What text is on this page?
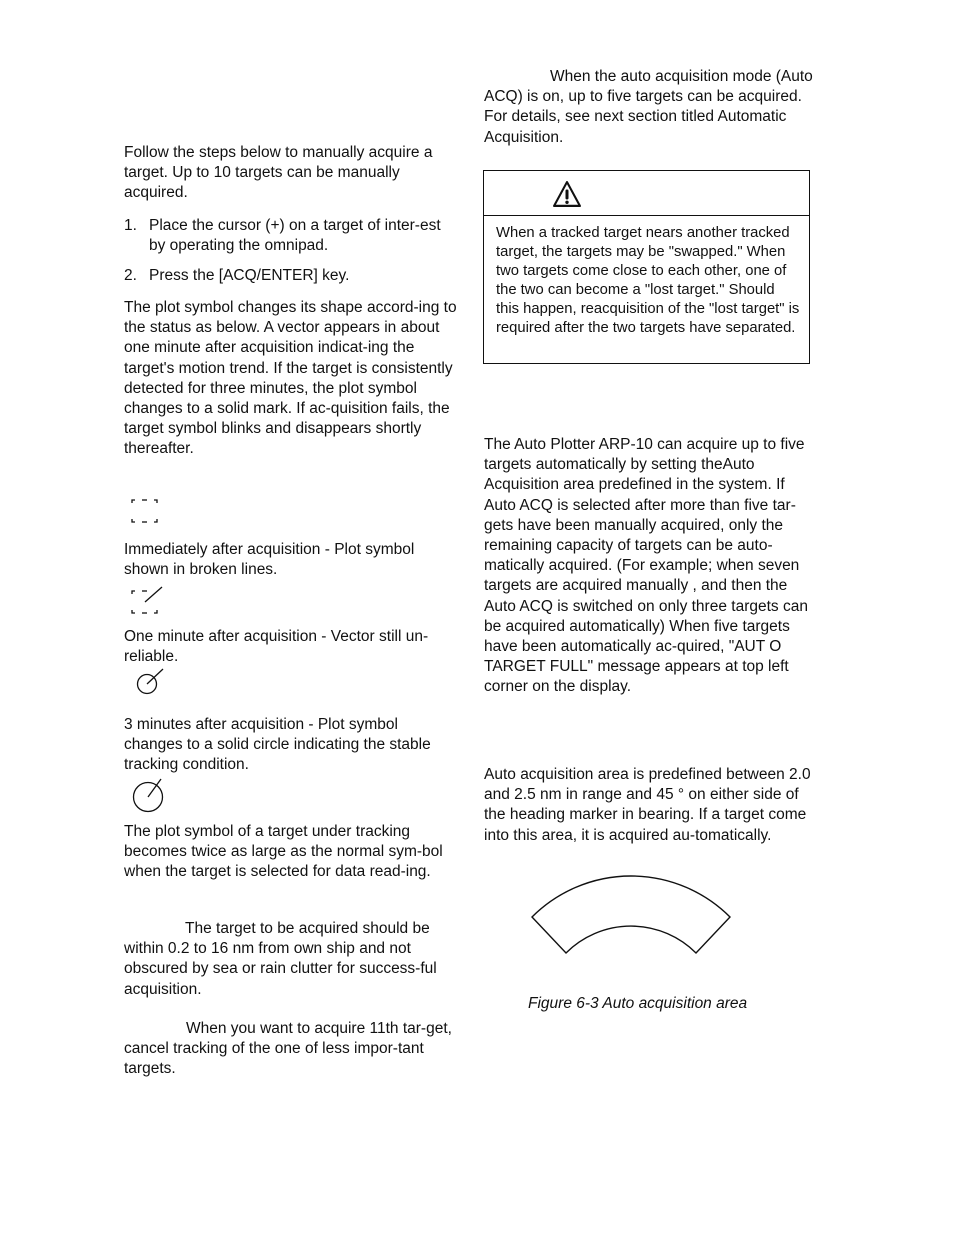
Follow the steps below to manually acquire a target. Up to 10 targets can be manually acquired.
1. Place the cursor (+) on a target of inter-est by operating the omnipad.
2. Press the [ACQ/ENTER] key.
The plot symbol changes its shape accord-ing to the status as below. A vector appears in about one minute after acquisition indicat-ing the target's motion trend. If the target is consistently detected for three minutes, the plot symbol changes to a solid mark. If ac-quisition fails, the target symbol blinks and disappears shortly thereafter.
Immediately after acquisition - Plot symbol shown in broken lines.
One minute after acquisition - Vector still un-reliable.
3 minutes after acquisition - Plot symbol changes to a solid circle indicating the stable tracking condition.
The plot symbol of a target under tracking becomes twice as large as the normal sym-bol when the target is selected for data read-ing.
The target to be acquired should be within 0.2 to 16 nm from own ship and not obscured by sea or rain clutter for success-ful acquisition.
When you want to acquire 11th tar-get, cancel tracking of the one of less impor-tant targets.
When the auto acquisition mode (Auto ACQ) is on, up to five targets can be acquired. For details, see next section titled Automatic Acquisition.
When a tracked target nears another tracked target, the targets may be "swapped." When two targets come close to each other, one of the two can become a "lost target." Should this happen, reacquisition of the "lost target" is required after the two targets have separated.
The Auto Plotter ARP-10 can acquire up to five targets automatically by setting theAuto Acquisition area predefined in the system. If Auto ACQ is selected after more than five tar-gets have been manually acquired, only the remaining capacity of targets can be auto-matically acquired. (For example; when seven targets are acquired manually , and then the Auto ACQ is switched on only three targets can be acquired automatically) When five targets have been automatically ac-quired, "AUT O TARGET FULL" message appears at top left corner on the display.
Auto acquisition area is predefined between 2.0 and 2.5 nm in range and 45 ° on either side of the heading marker in bearing. If a target come into this area, it is acquired au-tomatically.
Figure 6-3 Auto acquisition area
